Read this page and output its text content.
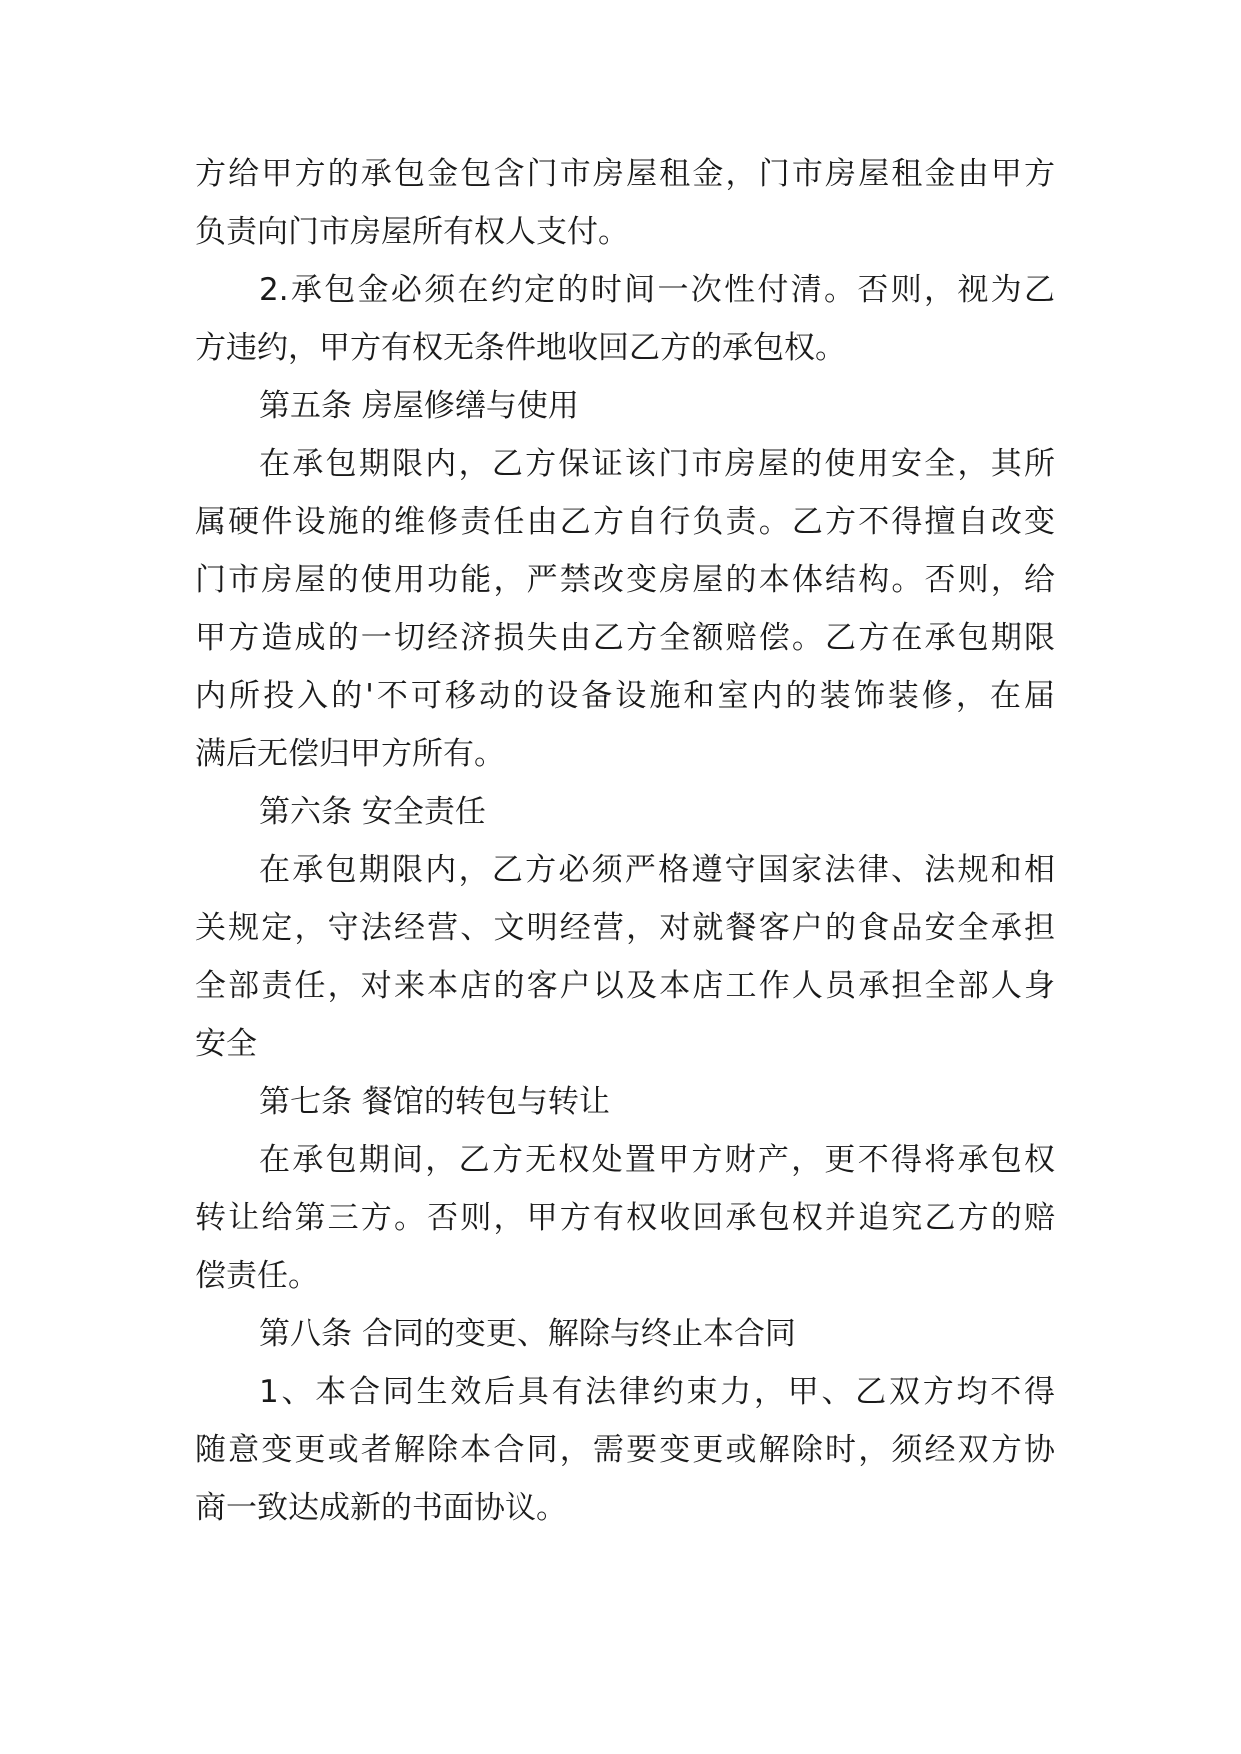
方给甲方的承包金包含门市房屋租金，门市房屋租金由甲方
负责向门市房屋所有权人支付。
2.承包金必须在约定的时间一次性付清。否则，视为乙
方违约，甲方有权无条件地收回乙方的承包权。
第五条 房屋修缮与使用
在承包期限内，乙方保证该门市房屋的使用安全，其所
属硬件设施的维修责任由乙方自行负责。乙方不得擅自改变
门市房屋的使用功能，严禁改变房屋的本体结构。否则，给
甲方造成的一切经济损失由乙方全额赔偿。乙方在承包期限
内所投入的'不可移动的设备设施和室内的装饰装修，在届
满后无偿归甲方所有。
第六条 安全责任
在承包期限内，乙方必须严格遵守国家法律、法规和相
关规定，守法经营、文明经营，对就餐客户的食品安全承担
全部责任，对来本店的客户以及本店工作人员承担全部人身
安全
第七条 餐馆的转包与转让
在承包期间，乙方无权处置甲方财产，更不得将承包权
转让给第三方。否则，甲方有权收回承包权并追究乙方的赔
偿责任。
第八条 合同的变更、解除与终止本合同
1、本合同生效后具有法律约束力，甲、乙双方均不得
随意变更或者解除本合同，需要变更或解除时，须经双方协
商一致达成新的书面协议。
